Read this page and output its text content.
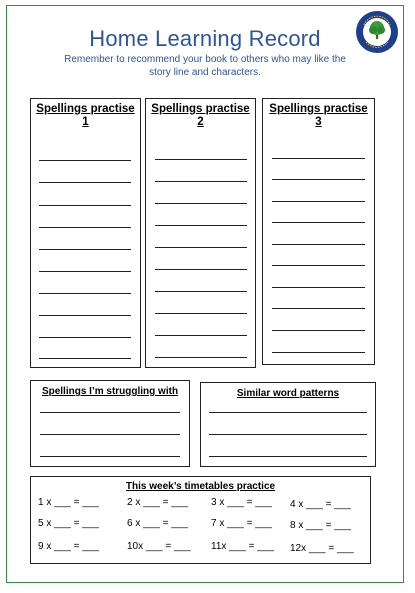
Home Learning Record
Remember to recommend your book to others who may like the story line and characters.
Spellings practise
1
Spellings practise
2
Spellings practise
3
Spellings I’m struggling with	Similar word patterns
This week’s timetables practice
1 x ___ = ___	2 x ___ = ___ 3 x ___ = ___ 4 x ___ = ___
5 x ___ = ___	6 x ___ = ___ 7 x ___ = ___ 8 x ___ = ___
9 x ___ = ___	10x ___ = ___ 11x ___ = ___ 12x ___ = ___
